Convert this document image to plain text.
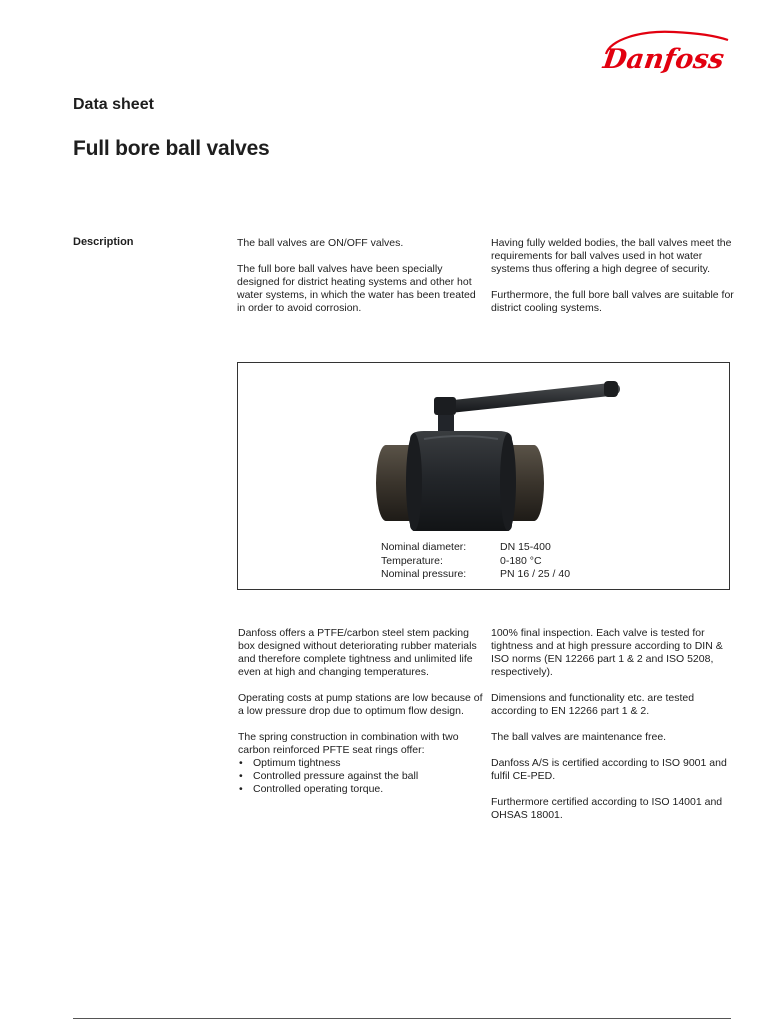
Danfoss
Data sheet
Full bore ball valves
Description	The ball valves are ON/OFF valves.

The full bore ball valves have been specially designed for district heating systems and other hot water systems, in which the water has been treated in order to avoid corrosion.

Having fully welded bodies, the ball valves meet the requirements for ball valves used in hot water systems thus offering a high degree of security.

Furthermore, the full bore ball valves are suitable for district cooling systems.

Nominal diameter:	DN 15-400
Temperature:	0-180 °C
Nominal pressure:	PN 16 / 25 / 40

Danfoss offers a PTFE/carbon steel stem packing box designed without deteriorating rubber materials and therefore complete tightness and unlimited life even at high and changing temperatures.

Operating costs at pump stations are low because of a low pressure drop due to optimum flow design.

The spring construction in combination with two carbon reinforced PFTE seat rings offer:

• Optimum tightness
• Controlled pressure against the ball
• Controlled operating torque.

100% final inspection. Each valve is tested for tightness and at high pressure according to DIN & ISO norms (EN 12266 part 1 & 2 and ISO 5208, respectively).

Dimensions and functionality etc. are tested according to EN 12266 part 1 & 2.

The ball valves are maintenance free.

Danfoss A/S is certified according to ISO 9001 and fulfil CE-PED.

Furthermore certified according to ISO 14001 and OHSAS 18001.
